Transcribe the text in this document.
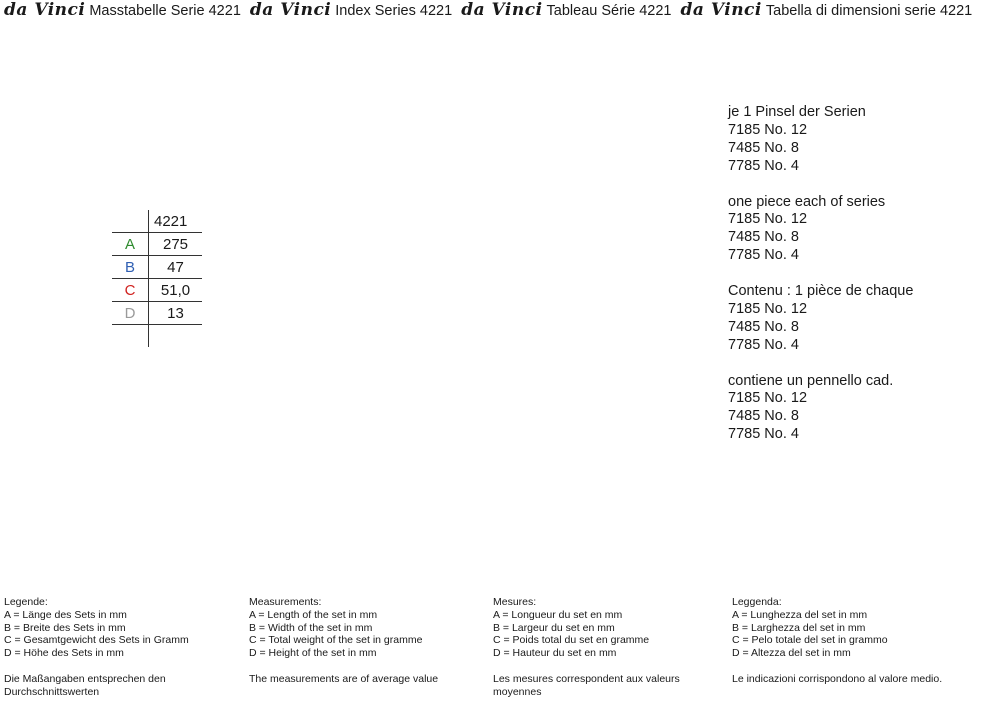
da Vinci Masstabelle Serie 4221 da Vinci Index Series 4221 da Vinci Tableau Série 4221 da Vinci Tabella di dimensioni serie 4221
	4221
A	275
B	47
C	51,0
D	13

je 1 Pinsel der Serien
7185 No. 12
7485 No. 8
7785 No. 4
one piece each of series
7185 No. 12
7485 No. 8
7785 No. 4
Contenu : 1 pièce de chaque
7185 No. 12
7485 No. 8
7785 No. 4
contiene un pennello cad.
7185 No. 12
7485 No. 8
7785 No. 4
Legende:
A = Länge des Sets in mm
B = Breite des Sets in mm
C = Gesamtgewicht des Sets in Gramm
D = Höhe des Sets in mm
Die Maßangaben entsprechen den
Durchschnittswerten
Measurements:
A = Length of the set in mm
B = Width of the set in mm
C = Total weight of the set in gramme
D = Height of the set in mm
The measurements are of average value
Mesures:
A = Longueur du set en mm
B = Largeur du set en mm
C = Poids total du set en gramme
D = Hauteur du set en mm
Les mesures correspondent aux valeurs
moyennes
Leggenda:
A = Lunghezza del set in mm
B = Larghezza del set in mm
C = Pelo totale del set in grammo
D = Altezza del set in mm
Le indicazioni corrispondono al valore medio.
